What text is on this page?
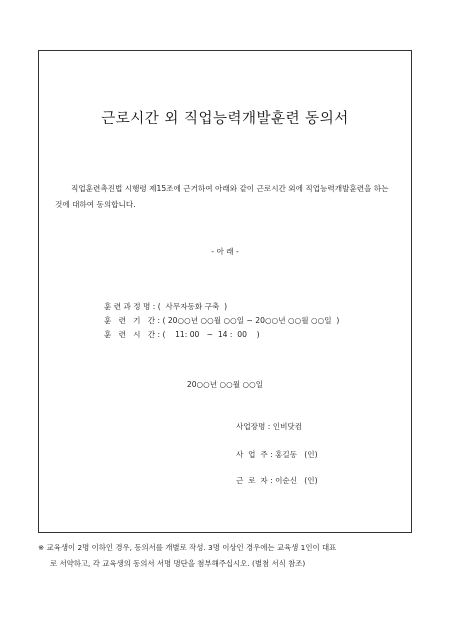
근로시간 외 직업능력개발훈련 동의서
직업훈련촉진법 시행령 제15조에 근거하여 아래와 같이 근로시간 외에 직업능력개발훈련을 하는 것에 대하여 동의합니다.
- 아 래 -
훈 련 과 정 명 : (  사무자동화 구축  )
훈   련   기   간 : ( 20○○년 ○○월 ○○일 ~ 20○○년 ○○월 ○○일  )
훈   련   시   간 : (    11: 00   ~  14 :  00    )
20○○년 ○○월 ○○일
사업장명 : 인비닷컴
사  업  주 : 홍길동   (인)
근  로  자 : 이순신   (인)
※ 교육생이 2명 이하인 경우, 동의서를 개별로 작성. 3명 이상인 경우에는 교육생 1인이 대표
로 서약하고, 각 교육생의 동의서 서명 명단을 첨부해주십시오. (별첨 서식 참조)
